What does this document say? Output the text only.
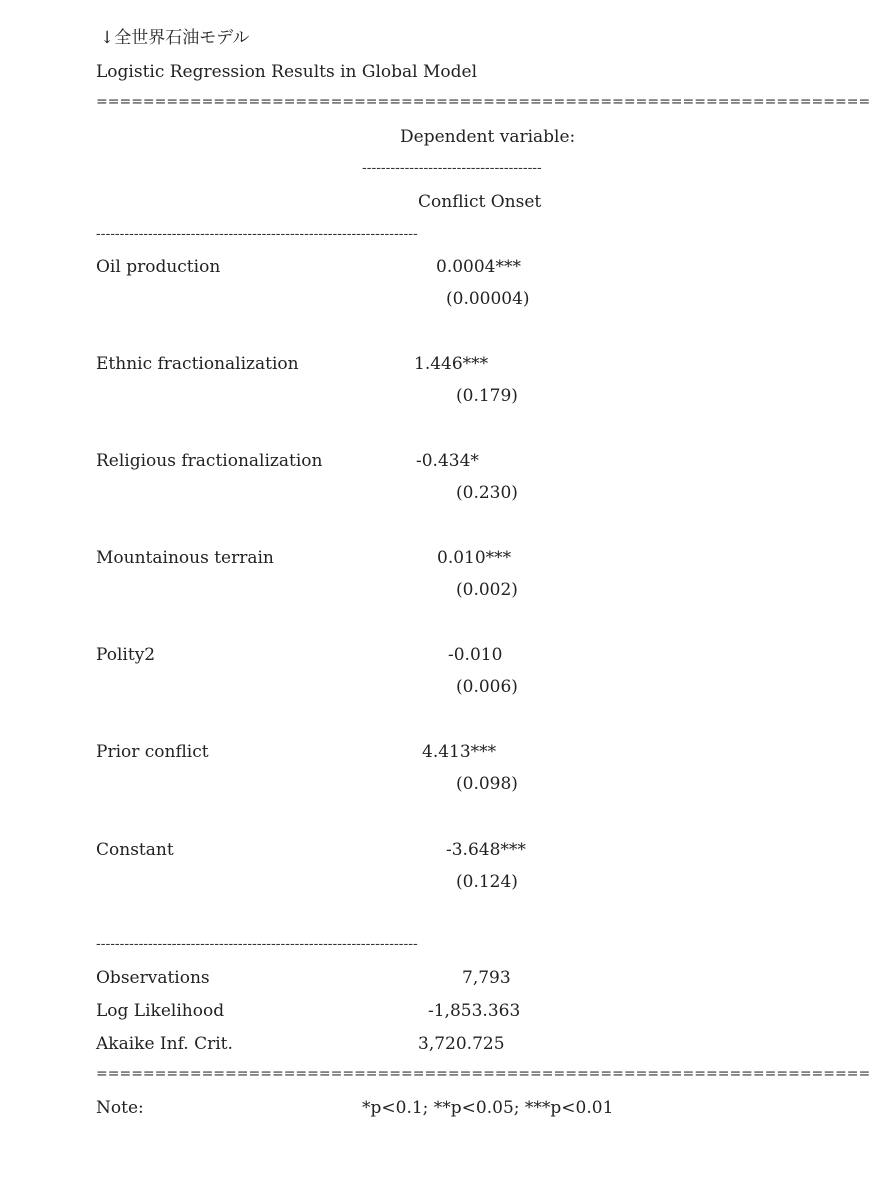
↓全世界石油モデル
Logistic Regression Results in Global Model
==================================================================
Dependent variable:
--------------------------------------
Conflict Onset
--------------------------------------------------------------------
Oil production	0.0004***
(0.00004)
Ethnic fractionalization	1.446***
(0.179)
Religious fractionalization	-0.434*
(0.230)
Mountainous terrain	0.010***
(0.002)
Polity2	-0.010
(0.006)
Prior conflict	4.413***
(0.098)
Constant	-3.648***
(0.124)
--------------------------------------------------------------------
Observations	7,793
Log Likelihood	-1,853.363
Akaike Inf. Crit.	3,720.725
==================================================================
Note:	*p<0.1; **p<0.05; ***p<0.01
